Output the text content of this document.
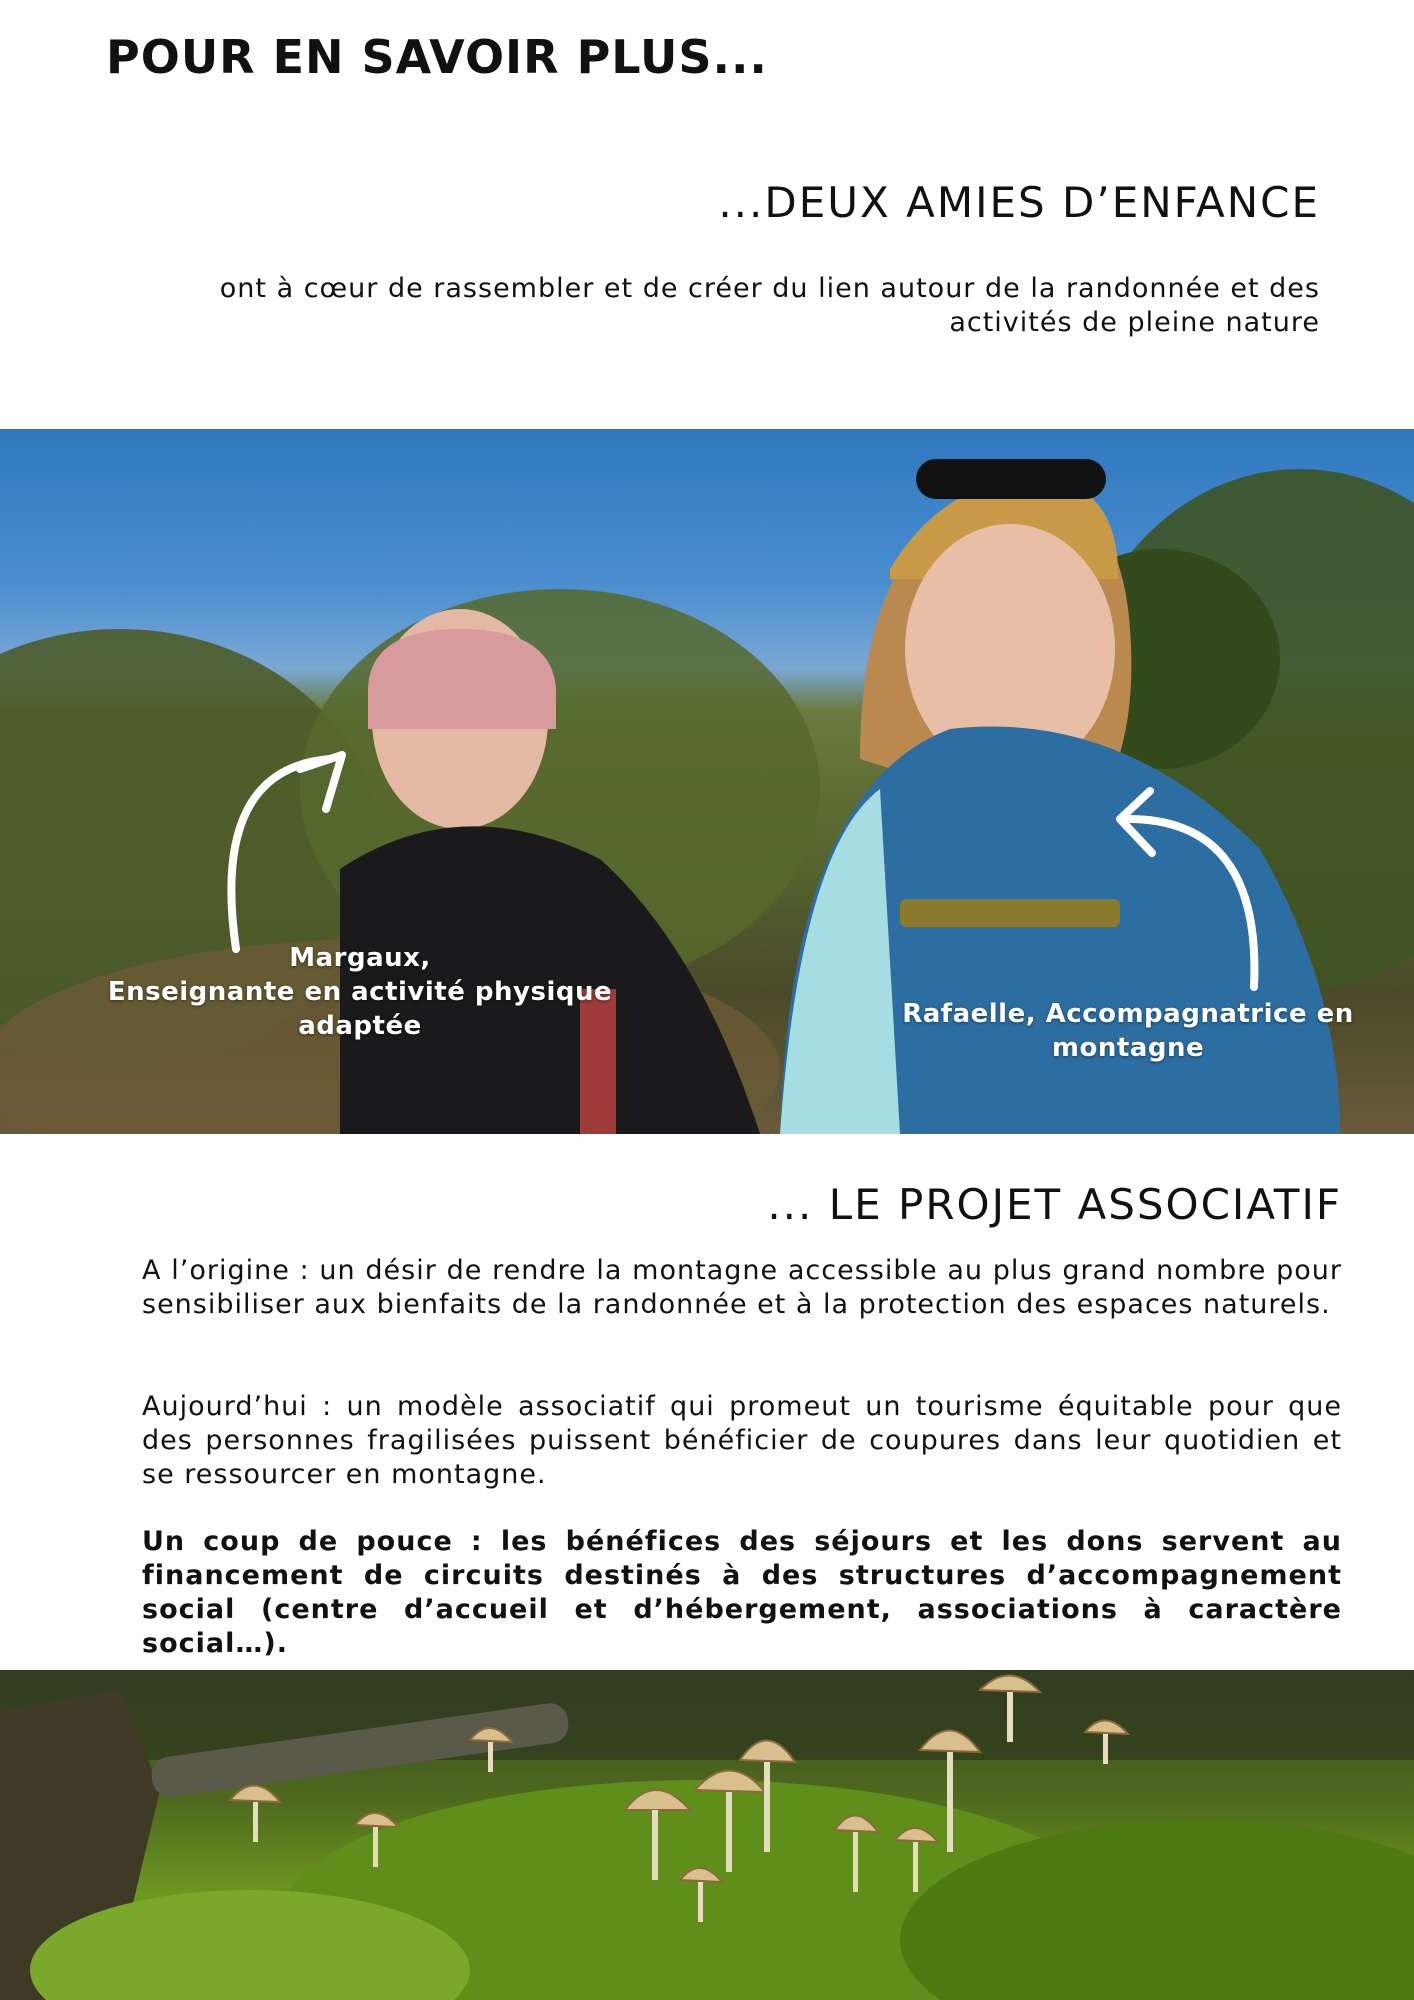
POUR EN SAVOIR PLUS...
...DEUX AMIES D’ENFANCE
ont à cœur de rassembler et de créer du lien autour de la randonnée et des activités de pleine nature
Margaux,
Enseignante en activité physique adaptée	Rafaelle, Accompagnatrice en montagne
... LE PROJET ASSOCIATIF
A l’origine : un désir de rendre la montagne accessible au plus grand nombre pour sensibiliser aux bienfaits de la randonnée et à la protection des espaces naturels.
Aujourd’hui : un modèle associatif qui promeut un tourisme équitable pour que des personnes fragilisées puissent bénéficier de coupures dans leur quotidien et se ressourcer en montagne.
Un coup de pouce : les bénéfices des séjours et les dons servent au financement de circuits destinés à des structures d’accompagnement social (centre d’accueil et d’hébergement, associations à caractère social…).
